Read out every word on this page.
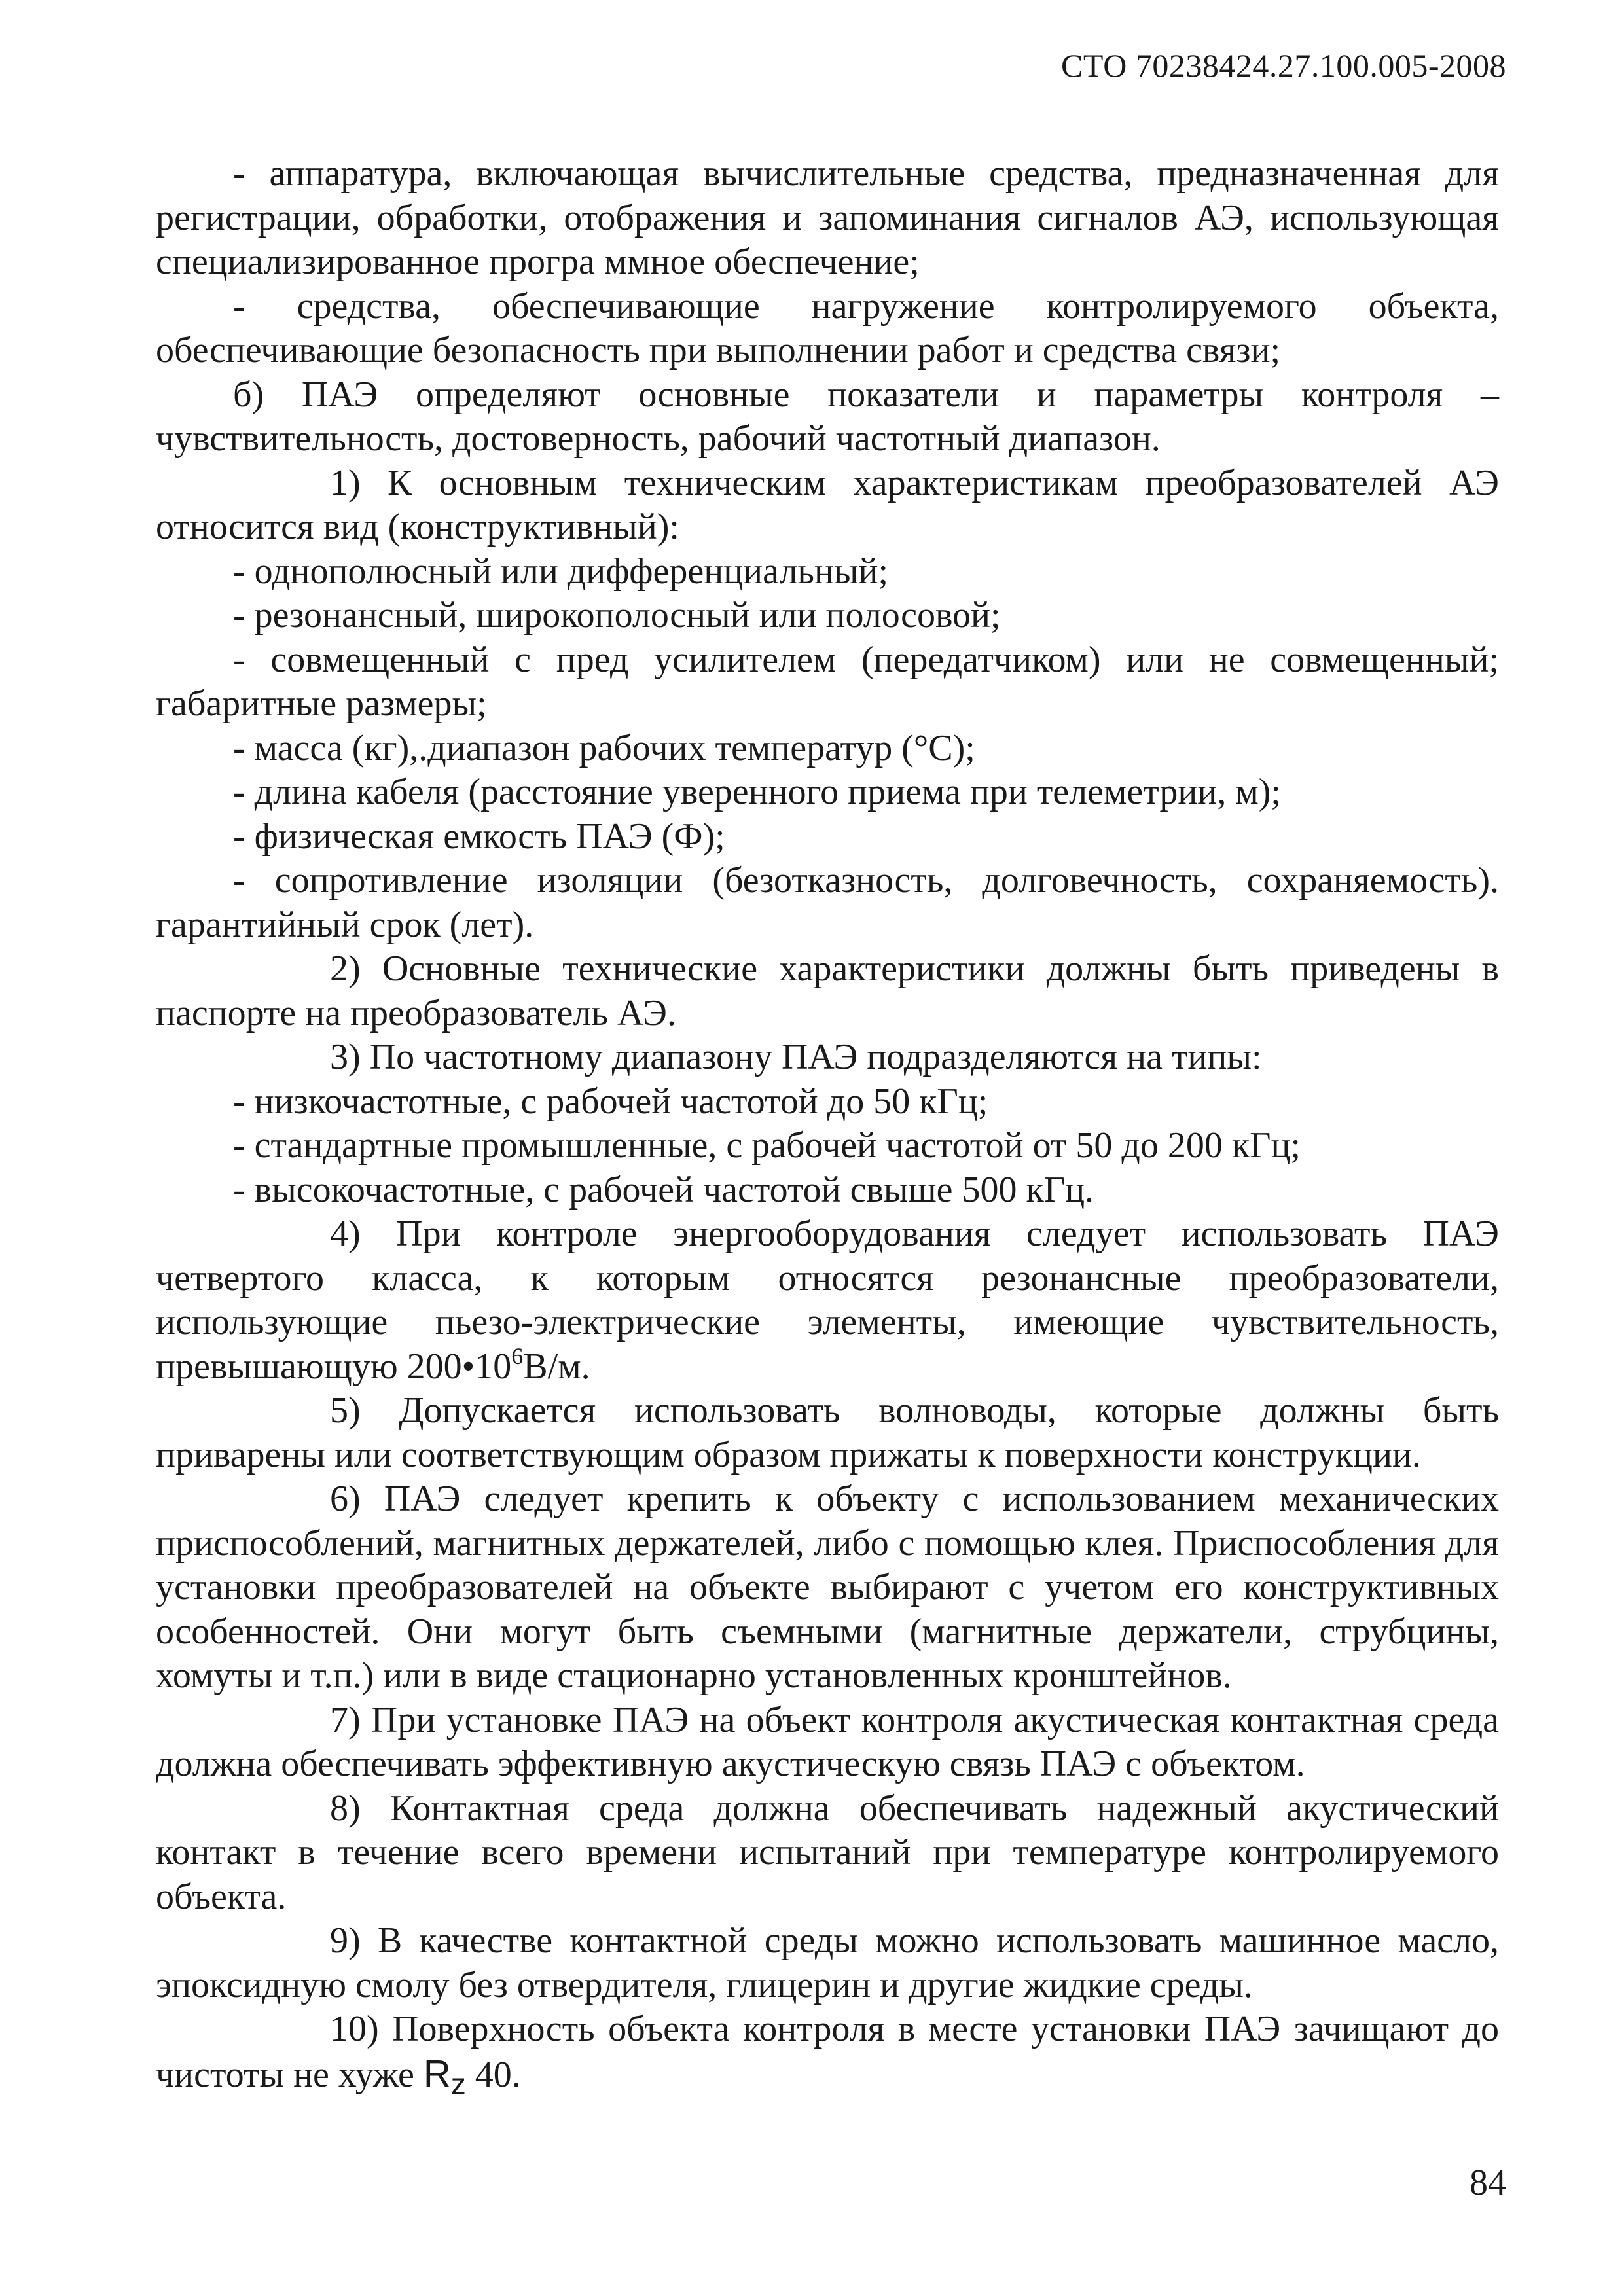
СТО 70238424.27.100.005-2008

- аппаратура, включающая вычислительные средства, предназначенная для регистрации, обработки, отображения и запоминания сигналов АЭ, использующая специализированное програ ммное обеспечение;

- средства, обеспечивающие нагружение контролируемого объекта, обеспечивающие безопасность при выполнении работ и средства связи;

б) ПАЭ определяют основные показатели и параметры контроля – чувствительность, достоверность, рабочий частотный диапазон.

1) К основным техническим характеристикам преобразователей АЭ относится вид (конструктивный):

- однополюсный или дифференциальный;

- резонансный, широкополосный или полосовой;

- совмещенный с пред усилителем (передатчиком) или не совмещенный; габаритные размеры;

- масса (кг),.диапазон рабочих температур (°С);

- длина кабеля (расстояние уверенного приема при телеметрии, м);

- физическая емкость ПАЭ (Ф);

- сопротивление изоляции (безотказность, долговечность, сохраняемость). гарантийный срок (лет).

2) Основные технические характеристики должны быть приведены в паспорте на преобразователь АЭ.

3) По частотному диапазону ПАЭ подразделяются на типы:

- низкочастотные, с рабочей частотой до 50 кГц;

- стандартные промышленные, с рабочей частотой от 50 до 200 кГц;

- высокочастотные, с рабочей частотой свыше 500 кГц.

4) При контроле энергооборудования следует использовать ПАЭ четвертого класса, к которым относятся резонансные преобразователи, использующие пьезо-электрические элементы, имеющие чувствительность, превышающую $200•10^6В/м$.

5) Допускается использовать волноводы, которые должны быть приварены или соответствующим образом прижаты к поверхности конструкции.

6) ПАЭ следует крепить к объекту с использованием механических приспособлений, магнитных держателей, либо с помощью клея. Приспособления для установки преобразователей на объекте выбирают с учетом его конструктивных особенностей. Они могут быть съемными (магнитные держатели, струбцины, хомуты и т.п.) или в виде стационарно установленных кронштейнов.

7) При установке ПАЭ на объект контроля акустическая контактная среда должна обеспечивать эффективную акустическую связь ПАЭ с объектом.

8) Контактная среда должна обеспечивать надежный акустический контакт в течение всего времени испытаний при температуре контролируемого объекта.

9) В качестве контактной среды можно использовать машинное масло, эпоксидную смолу без отвердителя, глицерин и другие жидкие среды.

10) Поверхность объекта контроля в месте установки ПАЭ зачищают до чистоты не хуже $R_z$ 40.

84
